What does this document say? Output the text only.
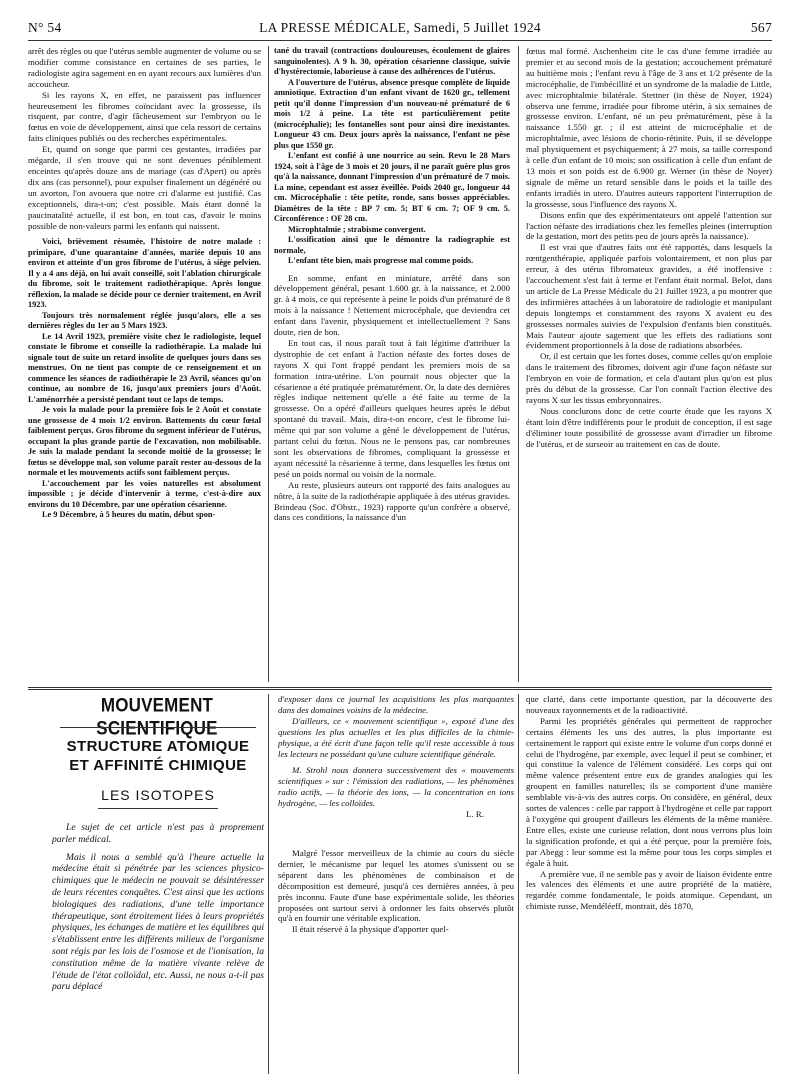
N° 54	LA PRESSE MÉDICALE, Samedi, 5 Juillet 1924	567

arrêt des règles ou que l'utérus semble augmenter de volume ou se modifier comme consistance en certaines de ses parties, le radiologiste agira sagement en en ayant recours aux lumières d'un accoucheur.

Si les rayons X, en effet, ne paraissent pas influencer heureusement les fibromes coïncidant avec la grossesse, ils risquent, par contre, d'agir fâcheusement sur l'embryon ou le fœtus en voie de développement, ainsi que cela ressort de certains faits cliniques publiés ou des recherches expérimentales.

Et, quand on songe que parmi ces gestantes, irradiées par mégarde, il s'en trouve qui ne sont devenues péniblement enceintes qu'après douze ans de mariage (cas d'Apert) ou après dix ans (cas personnel), pour expulser finalement un dégénéré ou un avorton, l'on avouera que notre cri d'alarme est justifié. Cas exceptionnels, dira-t-on; c'est possible. Mais étant donné la paucinatalité actuelle, il est bon, en tout cas, d'avoir le moins possible de non-valeurs parmi les enfants qui naissent.

Voici, brièvement résumée, l'histoire de notre malade : primipare, d'une quarantaine d'années, mariée depuis 10 ans environ et atteinte d'un gros fibrome de l'utérus, à siège pelvien. Il y a 4 ans déjà, on lui avait conseillé, soit l'ablation chirurgicale du fibrome, soit le traitement radiothérapique. Après longue réflexion, la malade se décide pour ce dernier traitement, en Avril 1923.

Toujours très normalement réglée jusqu'alors, elle a ses dernières règles du 1er au 5 Mars 1923.

Le 14 Avril 1923, première visite chez le radiologiste, lequel constate le fibrome et conseille la radiothérapie. La malade lui signale tout de suite un retard insolite de quelques jours dans ses menstrues. On ne tient pas compte de ce renseignement et on commence les séances de radiothérapie le 23 Avril, séances qu'on continue, au nombre de 16, jusqu'aux premiers jours d'Août. L'aménorrhée a persisté pendant tout ce laps de temps.

Je vois la malade pour la première fois le 2 Août et constate une grossesse de 4 mois 1/2 environ. Battements du cœur fœtal faiblement perçus. Gros fibrome du segment inférieur de l'utérus, occupant la plus grande partie de l'excavation, non mobilisable. Je suis la malade pendant la seconde moitié de la grossesse; le fœtus se développe mal, son volume paraît rester au-dessous de la normale et les mouvements actifs sont faiblement perçus.

L'accouchement par les voies naturelles est absolument impossible ; je décide d'intervenir à terme, c'est-à-dire aux environs du 10 Décembre, par une opération césarienne.

Le 9 Décembre, à 5 heures du matin, début spon-

tané du travail (contractions douloureuses, écoulement de glaires sanguinolentes). A 9 h. 30, opération césarienne classique, suivie d'hystérectomie, laborieuse à cause des adhérences de l'utérus.

A l'ouverture de l'utérus, absence presque complète de liquide amniotique. Extraction d'un enfant vivant de 1620 gr., tellement petit qu'il donne l'impression d'un nouveau-né prématuré de 6 mois 1/2 à peine. La tête est particulièrement petite (microcéphalie); les fontanelles sont pour ainsi dire inexistantes. Longueur 43 cm. Deux jours après la naissance, l'enfant ne pèse plus que 1550 gr.

L'enfant est confié à une nourrice au sein. Revu le 28 Mars 1924, soit à l'âge de 3 mois et 20 jours, il ne paraît guère plus gros qu'à la naissance, donnant l'impression d'un prématuré de 7 mois. La mine, cependant est assez éveillée. Poids 2040 gr., longueur 44 cm. Microcéphalie : tête petite, ronde, sans bosses appréciables. Diamètres de la tête : BP 7 cm. 5; BT 6 cm. 7; OF 9 cm. 5. Circonférence : OF 28 cm.

Microphtalmie ; strabisme convergent.

L'ossification ainsi que le démontre la radiographie est normale,

L'enfant tête bien, mais progresse mal comme poids.

En somme, enfant en miniature, arrêté dans son développement général, pesant 1.600 gr. à la naissance, et 2.000 gr. à 4 mois, ce qui représente à peine le poids d'un prématuré de 8 mois à la naissance ! Nettement microcéphale, que deviendra cet enfant dans l'avenir, physiquement et intellectuellement ? Sans doute, rien de bon.

En tout cas, il nous paraît tout à fait légitime d'attribuer la dystrophie de cet enfant à l'action néfaste des fortes doses de rayons X qui l'ont frappé pendant les premiers mois de sa formation intra-utérine. L'on pourrait nous objecter que la césarienne a été pratiquée prématurément. Or, la date des dernières règles indique nettement qu'elle a été faite au terme de la grossesse. On a opéré d'ailleurs quelques heures après le début spontané du travail. Mais, dira-t-on encore, c'est le fibrome lui-même qui par son volume a gêné le développement de l'utérus, partant celui du fœtus. Nous ne le pensons pas, car nombreuses sont les observations de fibromes, compliquant la grossesse et ayant nécessité la césarienne à terme, dans lesquelles les fœtus ont pesé un poids normal ou voisin de la normale.

Au reste, plusieurs auteurs ont rapporté des faits analogues au nôtre, à la suite de la radiothérapie appliquée à des utérus gravides. Brindeau (Soc. d'Obstr., 1923) rapporte qu'un confrère a observé, dans ces conditions, la naissance d'un

fœtus mal formé. Aschenheim cite le cas d'une femme irradiée au premier et au second mois de la gestation; accouchement prématuré au huitième mois ; l'enfant revu à l'âge de 3 ans et 1/2 présente de la microcéphalie, de l'imbécillité et un syndrome de la maladie de Little, avec microphtalmie bilatérale. Stettner (in thèse de Noyer, 1924) observa une femme, irradiée pour fibrome utérin, à six semaines de grossesse environ. L'enfant, né un peu prématurément, pèse à la naissance 1.550 gr. ; il est atteint de microcéphalie et de microphtalmie, avec lésions de chorio-rétinite. Puis, il se développe mal physiquement et psychiquement; à 27 mois, sa taille correspond à celle d'un enfant de 10 mois; son ossification à celle d'un enfant de 13 mois et son poids est de 6.900 gr. Werner (in thèse de Noyer) signale de même un retard sensible dans le poids et la taille des enfants irradiés in utero. D'autres auteurs rapportent l'interruption de la grossesse, sous l'influence des rayons X.

Disons enfin que des expérimentateurs ont appelé l'attention sur l'action néfaste des irradiations chez les femelles pleines (interruption de la gestation, mort des petits peu de jours après la naissance).

Il est vrai que d'autres faits ont été rapportés, dans lesquels la rœntgenthérapie, appliquée parfois volontairement, et non plus par erreur, à des utérus fibromateux gravides, a été inoffensive : l'accouchement s'est fait à terme et l'enfant était normal. Belot, dans un article de La Presse Médicale du 21 Juillet 1923, a pu montrer que des infirmières attachées à un laboratoire de radiologie et manipulant depuis longtemps et constamment des rayons X avaient eu des grossesses normales suivies de l'expulsion d'enfants bien constitués. Mais l'auteur ajoute sagement que les effets des radiations sont évidemment proportionnels à la dose de radiations absorbées.

Or, il est certain que les fortes doses, comme celles qu'on emploie dans le traitement des fibromes, doivent agir d'une façon néfaste sur l'embryon en voie de formation, et cela d'autant plus qu'on est plus près du début de la grossesse. Car l'on connaît l'action élective des rayons X sur les tissus embryonnaires.

Nous conclurons donc de cette courte étude que les rayons X étant loin d'être indifférents pour le produit de conception, il est sage d'éliminer toute possibilité de grossesse avant d'irradier un fibrome de l'utérus, et de surseoir au traitement en cas de doute.

MOUVEMENT SCIENTIFIQUE
STRUCTURE ATOMIQUE
ET AFFINITÉ CHIMIQUE
LES ISOTOPES

Le sujet de cet article n'est pas à proprement parler médical.

Mais il nous a semblé qu'à l'heure actuelle la médecine était si pénétrée par les sciences physico-chimiques que le médecin ne pouvait se désintéresser de leurs récentes conquêtes. C'est ainsi que les actions biologiques des radiations, d'une telle importance thérapeutique, sont étroitement liées à leurs propriétés physiques, les échanges de matière et les équilibres qui s'établissent entre les différents milieux de l'organisme sont régis par les lois de l'osmose et de l'ionisation, la constitution même de la matière vivante relève de l'étude de l'état colloïdal, etc. Aussi, ne nous a-t-il pas paru déplacé

d'exposer dans ce journal les acquisitions les plus marquantes dans des domaines voisins de la médecine.

D'ailleurs, ce « mouvement scientifique », exposé d'une des questions les plus actuelles et les plus difficiles de la chimie-physique, a été écrit d'une façon telle qu'il reste accessible à tous les lecteurs ne possédant qu'une culture scientifique générale.

M. Strohl nous donnera successivement des « mouvements scientifiques » sur : l'émission des radiations, — les phénomènes radio actifs, — la théorie des ions, — la concentration en ions hydrogène, — les colloïdes.

L. R.

Malgré l'essor merveilleux de la chimie au cours du siècle dernier, le mécanisme par lequel les atomes s'unissent ou se séparent dans les phénomènes de combinaison et de décomposition est demeuré, jusqu'à ces dernières années, à peu près inconnu. Faute d'une base expérimentale solide, les théories proposées ont surtout servi à ordonner les faits observés plutôt qu'à en fournir une véritable explication.

Il était réservé à la physique d'apporter quel-

que clarté, dans cette importante question, par la découverte des nouveaux rayonnements et de la radioactivité.

Parmi les propriétés générales qui permettent de rapprocher certains éléments les uns des autres, la plus importante est certainement le rapport qui existe entre le volume d'un corps donné et celui de l'hydrogène, par exemple, avec lequel il peut se combiner, et qui constitue la valence de l'élément considéré. Les corps qui ont même valence présentent entre eux de grandes analogies qui les groupent en familles naturelles; ils se comportent d'une manière semblable vis-à-vis des autres corps. On considère, en général, deux sortes de valences : celle par rapport à l'hydrogène et celle par rapport à l'oxygène qui groupent d'ailleurs les éléments de la même manière. Entre elles, existe une curieuse relation, dont nous verrons plus loin la signification profonde, et qui a été perçue, pour la première fois, par Abegg : leur somme est la même pour tous les corps simples et égale à huit.

A première vue, il ne semble pas y avoir de liaison évidente entre les valences des éléments et une autre propriété de la matière, regardée comme fondamentale, le poids atomique. Cependant, un chimiste russe, Mendéléeff, montrait, dès 1870,
